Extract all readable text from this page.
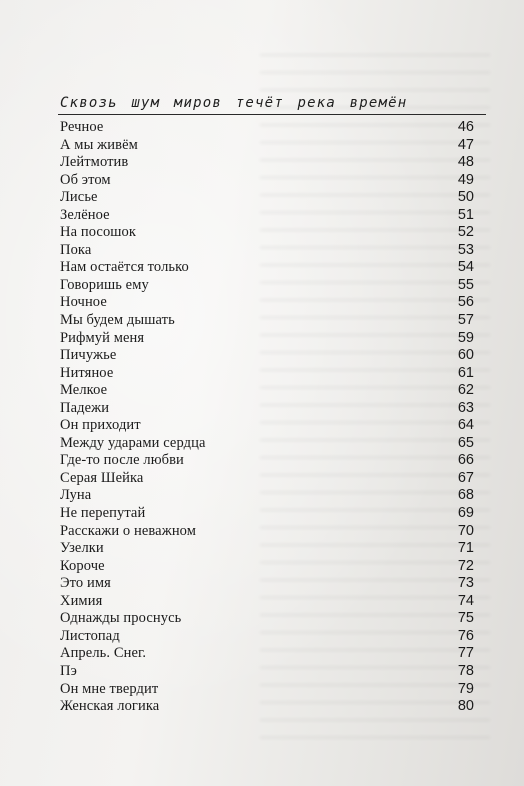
Сквозь шум миров течёт река времён
Речное	46
А мы живём	47
Лейтмотив	48
Об этом	49
Лисье	50
Зелёное	51
На посошок	52
Пока	53
Нам остаётся только	54
Говоришь ему	55
Ночное	56
Мы будем дышать	57
Рифмуй меня	59
Пичужье	60
Нитяное	61
Мелкое	62
Падежи	63
Он приходит	64
Между ударами сердца	65
Где-то после любви	66
Серая Шейка	67
Луна	68
Не перепутай	69
Расскажи о неважном	70
Узелки	71
Короче	72
Это имя	73
Химия	74
Однажды проснусь	75
Листопад	76
Апрель. Снег.	77
Пэ	78
Он мне твердит	79
Женская логика	80
